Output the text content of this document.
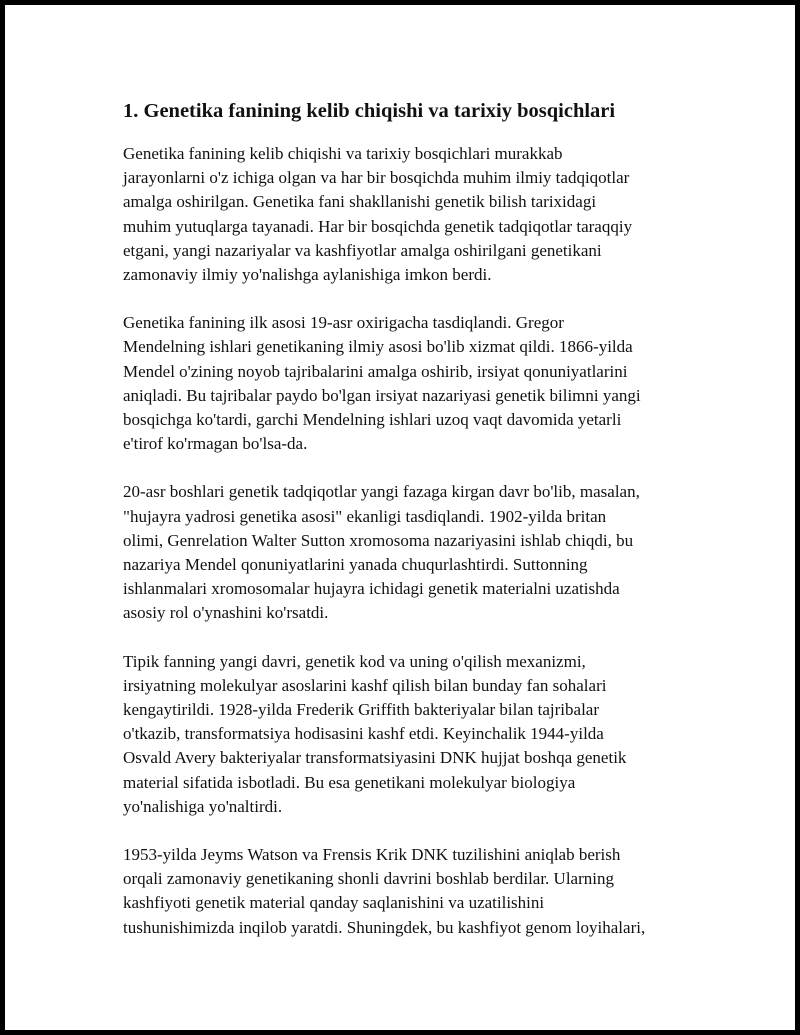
1. Genetika fanining kelib chiqishi va tarixiy bosqichlari

Genetika fanining kelib chiqishi va tarixiy bosqichlari murakkab
jarayonlarni o'z ichiga olgan va har bir bosqichda muhim ilmiy tadqiqotlar
amalga oshirilgan. Genetika fani shakllanishi genetik bilish tarixidagi
muhim yutuqlarga tayanadi. Har bir bosqichda genetik tadqiqotlar taraqqiy
etgani, yangi nazariyalar va kashfiyotlar amalga oshirilgani genetikani
zamonaviy ilmiy yo'nalishga aylanishiga imkon berdi.

Genetika fanining ilk asosi 19-asr oxirigacha tasdiqlandi. Gregor
Mendelning ishlari genetikaning ilmiy asosi bo'lib xizmat qildi. 1866-yilda
Mendel o'zining noyob tajribalarini amalga oshirib, irsiyat qonuniyatlarini
aniqladi. Bu tajribalar paydo bo'lgan irsiyat nazariyasi genetik bilimni yangi
bosqichga ko'tardi, garchi Mendelning ishlari uzoq vaqt davomida yetarli
e'tirof ko'rmagan bo'lsa-da.

20-asr boshlari genetik tadqiqotlar yangi fazaga kirgan davr bo'lib, masalan,
"hujayra yadrosi genetika asosi" ekanligi tasdiqlandi. 1902-yilda britan
olimi, Genrelation Walter Sutton xromosoma nazariyasini ishlab chiqdi, bu
nazariya Mendel qonuniyatlarini yanada chuqurlashtirdi. Suttonning
ishlanmalari xromosomalar hujayra ichidagi genetik materialni uzatishda
asosiy rol o'ynashini ko'rsatdi.

Tipik fanning yangi davri, genetik kod va uning o'qilish mexanizmi,
irsiyatning molekulyar asoslarini kashf qilish bilan bunday fan sohalari
kengaytirildi. 1928-yilda Frederik Griffith bakteriyalar bilan tajribalar
o'tkazib, transformatsiya hodisasini kashf etdi. Keyinchalik 1944-yilda
Osvald Avery bakteriyalar transformatsiyasini DNK hujjat boshqa genetik
material sifatida isbotladi. Bu esa genetikani molekulyar biologiya
yo'nalishiga yo'naltirdi.

1953-yilda Jeyms Watson va Frensis Krik DNK tuzilishini aniqlab berish
orqali zamonaviy genetikaning shonli davrini boshlab berdilar. Ularning
kashfiyoti genetik material qanday saqlanishini va uzatilishini
tushunishimizda inqilob yaratdi. Shuningdek, bu kashfiyot genom loyihalari,
